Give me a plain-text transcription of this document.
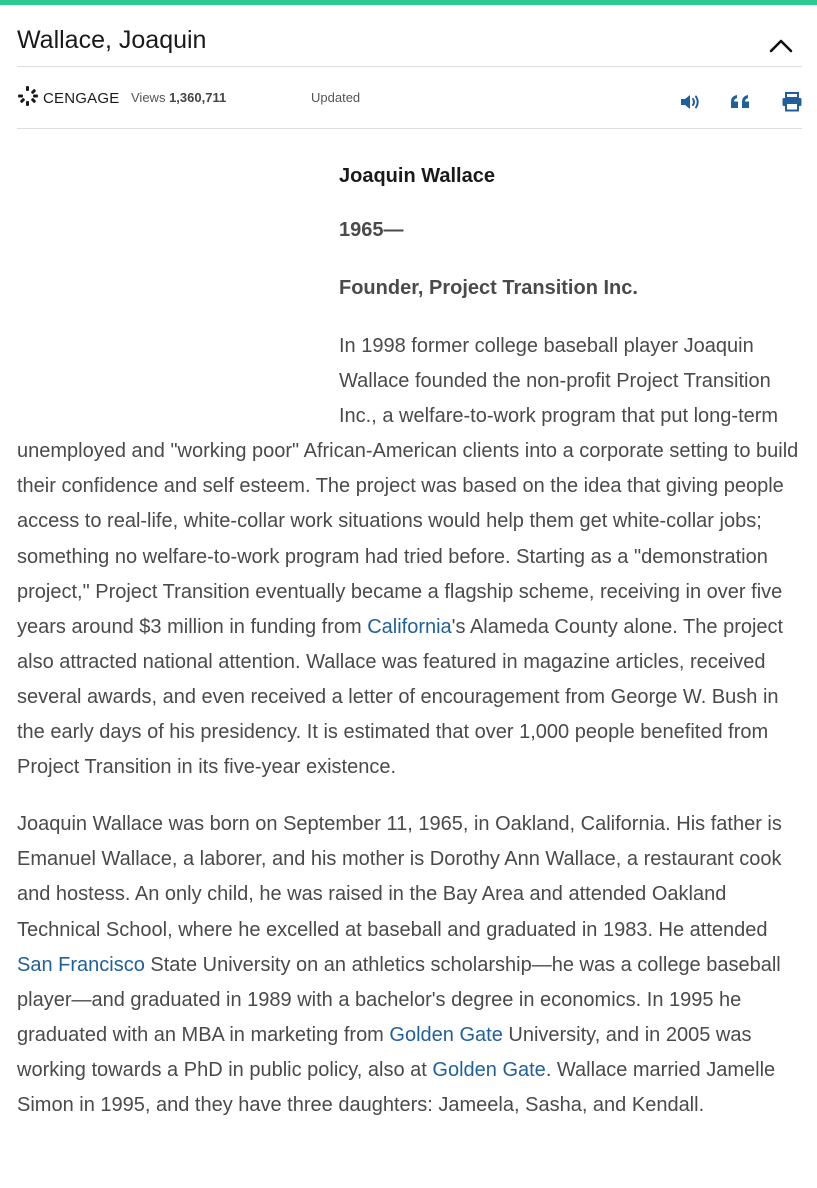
Wallace, Joaquin
CENGAGE Views 1,360,711	Updated

Joaquin Wallace

1965—

Founder, Project Transition Inc.

In 1998 former college baseball player Joaquin Wallace founded the non-profit Project Transition Inc., a welfare-to-work program that put long-term unemployed and "working poor" African-American clients into a corporate setting to build their confidence and self esteem. The project was based on the idea that giving people access to real-life, white-collar work situations would help them get white-collar jobs; something no welfare-to-work program had tried before. Starting as a "demonstration project," Project Transition eventually became a flagship scheme, receiving in over five years around $3 million in funding from California's Alameda County alone. The project also attracted national attention. Wallace was featured in magazine articles, received several awards, and even received a letter of encouragement from George W. Bush in the early days of his presidency. It is estimated that over 1,000 people benefited from Project Transition in its five-year existence.

Joaquin Wallace was born on September 11, 1965, in Oakland, California. His father is Emanuel Wallace, a laborer, and his mother is Dorothy Ann Wallace, a restaurant cook and hostess. An only child, he was raised in the Bay Area and attended Oakland Technical School, where he excelled at baseball and graduated in 1983. He attended San Francisco State University on an athletics scholarship—he was a college baseball player—and graduated in 1989 with a bachelor's degree in economics. In 1995 he graduated with an MBA in marketing from Golden Gate University, and in 2005 was working towards a PhD in public policy, also at Golden Gate. Wallace married Jamelle Simon in 1995, and they have three daughters: Jameela, Sasha, and Kendall.
